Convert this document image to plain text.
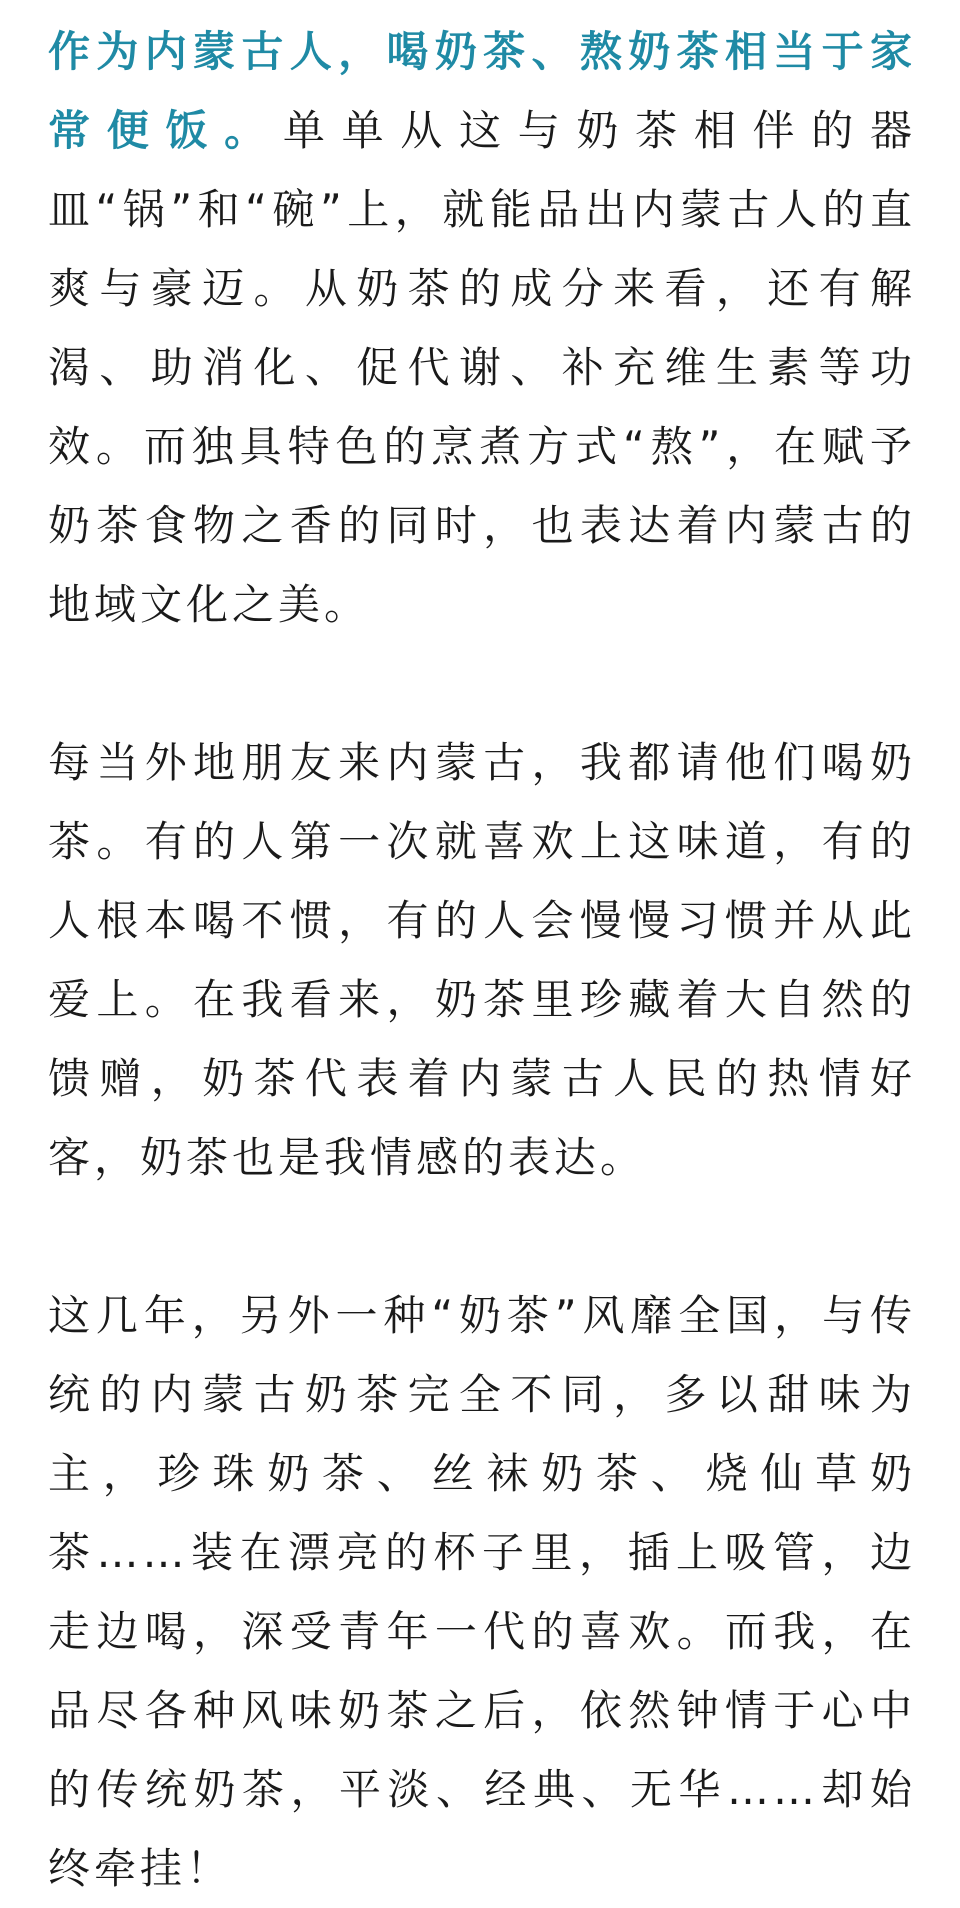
作为内蒙古人，喝奶茶、熬奶茶相当于家常便饭。单单从这与奶茶相伴的器皿“锅”和“碗”上，就能品出内蒙古人的直爽与豪迈。从奶茶的成分来看，还有解渴、助消化、促代谢、补充维生素等功效。而独具特色的烹煮方式“熬”，在赋予奶茶食物之香的同时，也表达着内蒙古的地域文化之美。

每当外地朋友来内蒙古，我都请他们喝奶茶。有的人第一次就喜欢上这味道，有的人根本喝不惯，有的人会慢慢习惯并从此爱上。在我看来，奶茶里珍藏着大自然的馈赠，奶茶代表着内蒙古人民的热情好客，奶茶也是我情感的表达。

这几年，另外一种“奶茶”风靡全国，与传统的内蒙古奶茶完全不同，多以甜味为主，珍珠奶茶、丝袜奶茶、烧仙草奶茶……装在漂亮的杯子里，插上吸管，边走边喝，深受青年一代的喜欢。而我，在品尽各种风味奶茶之后，依然钟情于心中的传统奶茶，平淡、经典、无华……却始终牵挂！
